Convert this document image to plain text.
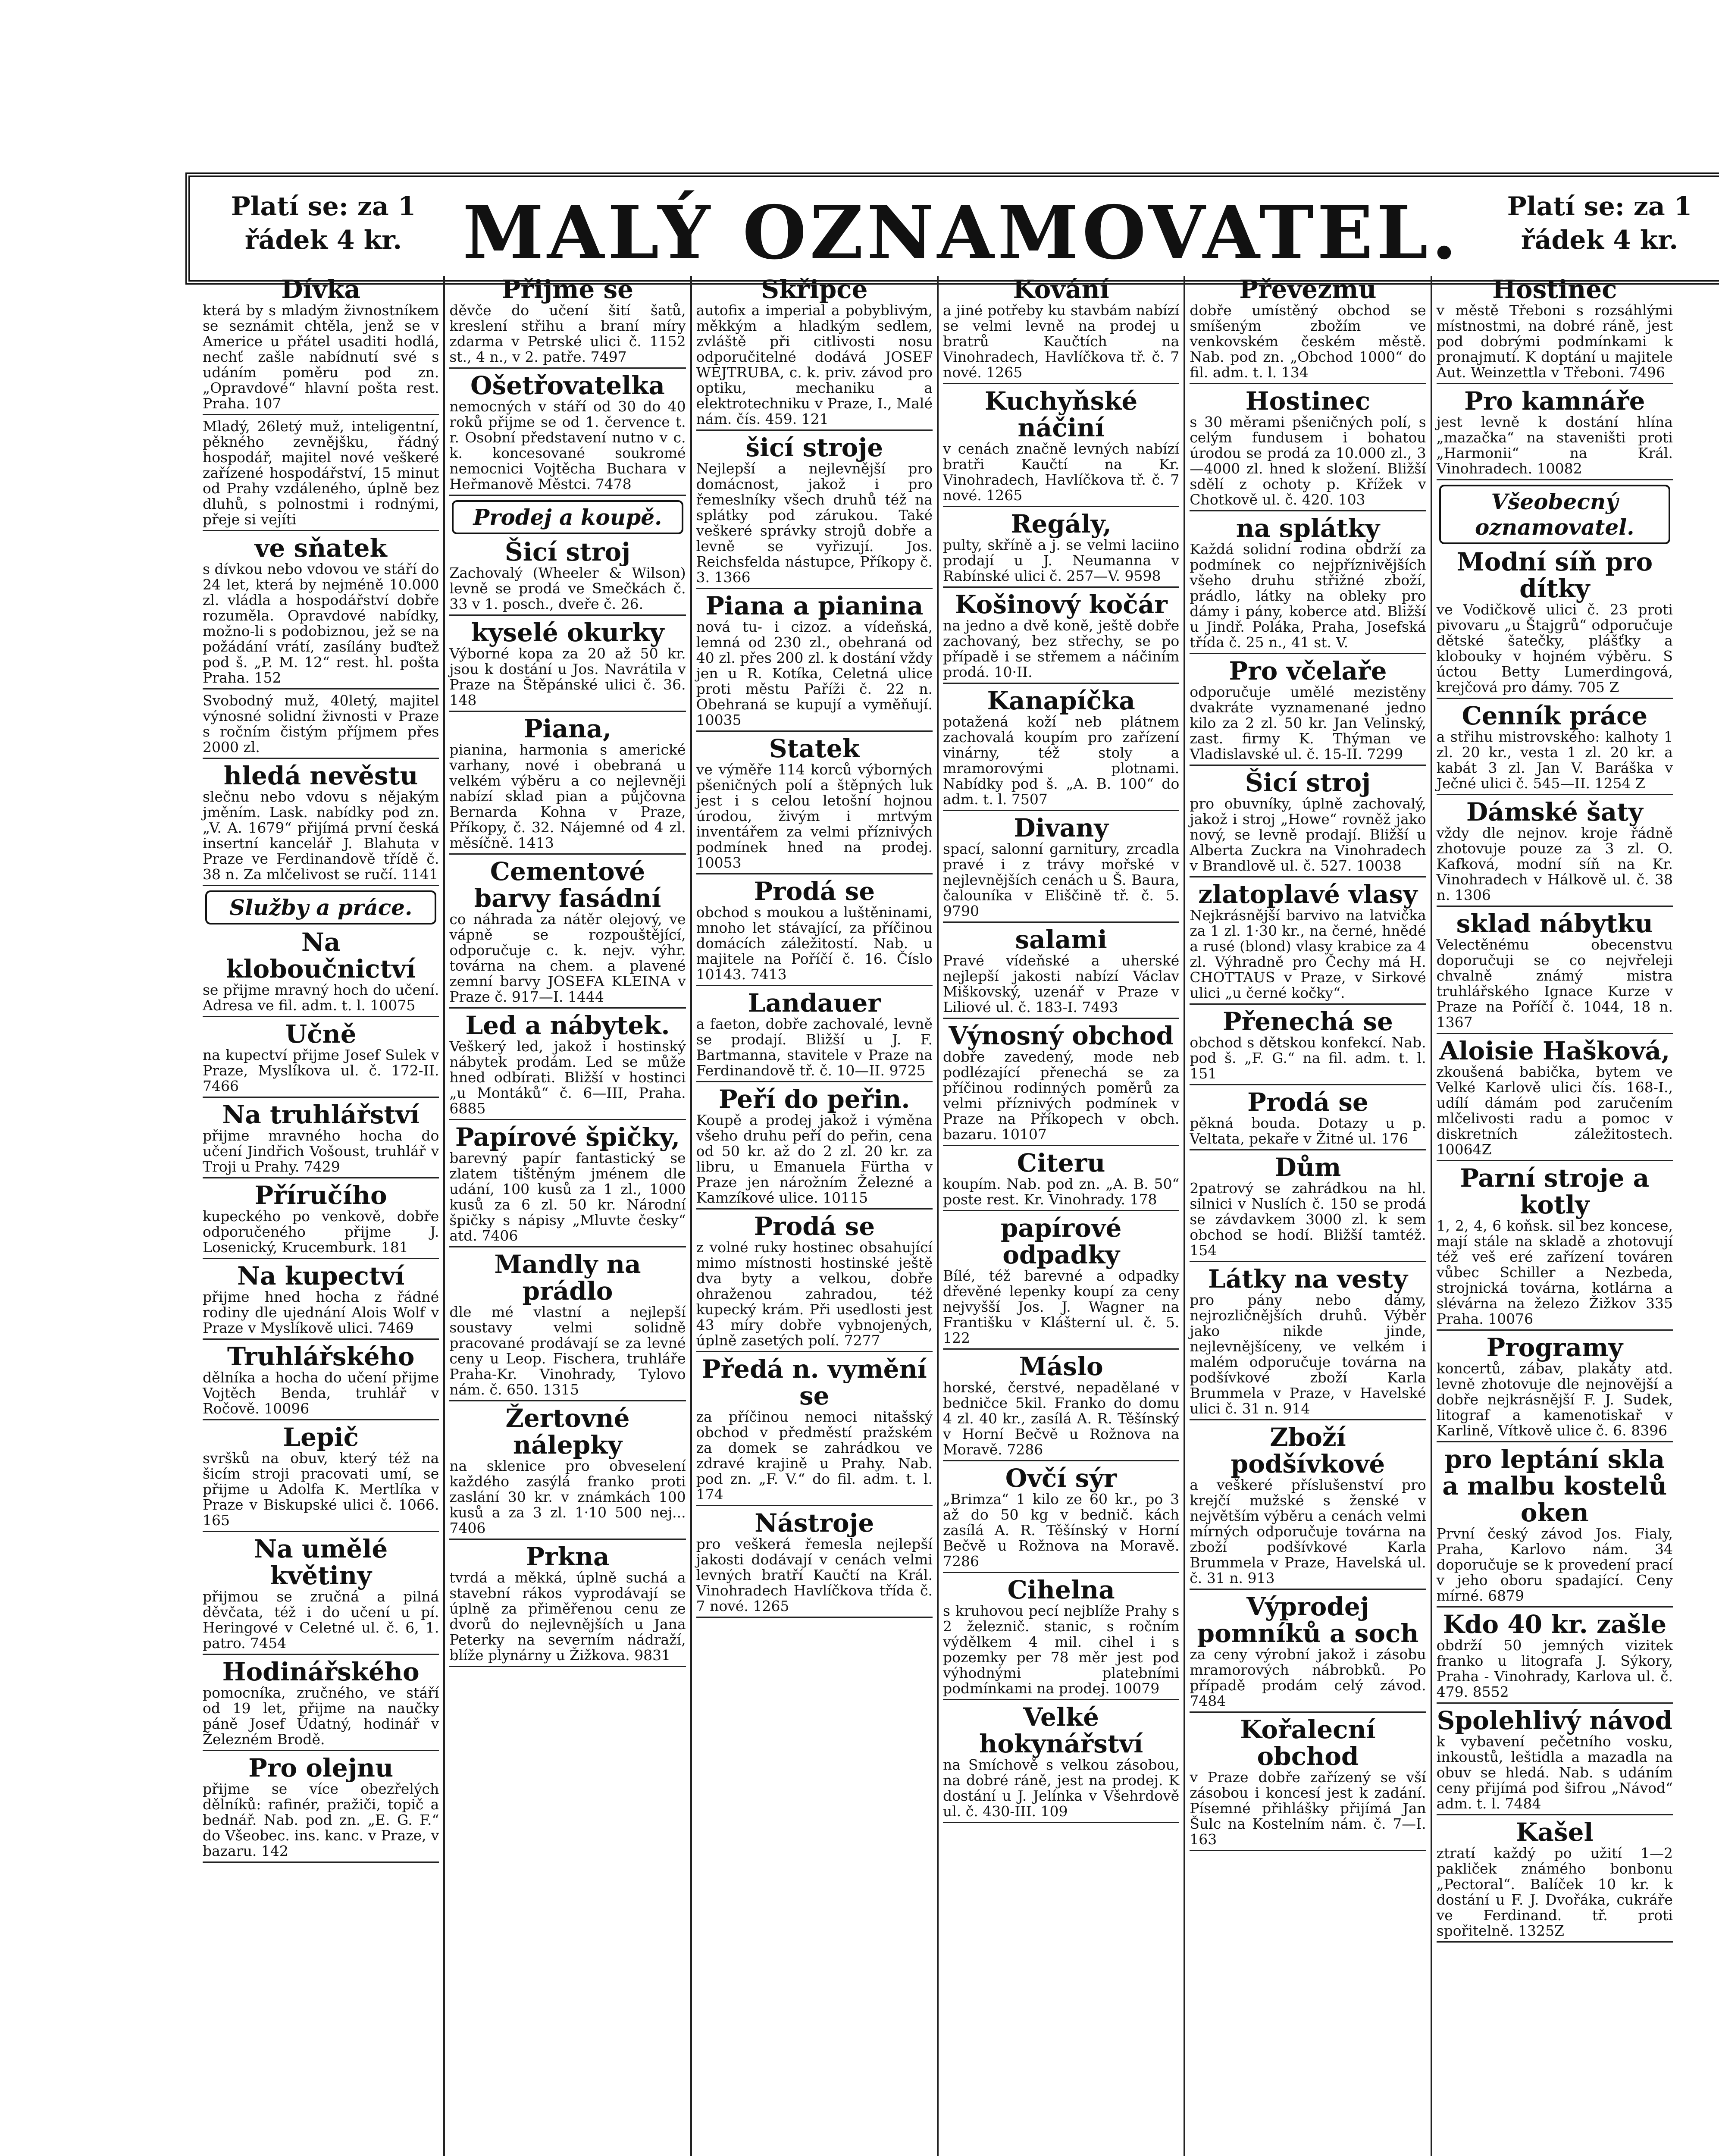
Platí se: za 1 řádek 4 kr. MALÝ OZNAMOVATEL.	Platí se: za 1 řádek 4 kr.
Dívka
která by s mladým živnostníkem se seznámit chtěla, jenž se v Americe u přátel usaditi hodlá, nechť zašle nabídnutí své s udáním poměru pod zn. „Opravdové“ hlavní pošta rest. Praha. 107
Mladý, 26letý muž, inteligentní, pěkného zevnějšku, řádný hospodář, majitel nové veškeré zařízené hospodářství, 15 minut od Prahy vzdáleného, úplně bez dluhů, s polnostmi i rodnými, přeje si vejíti
ve sňatek
s dívkou nebo vdovou ve stáří do 24 let, která by nejméně 10.000 zl. vládla a hospodářství dobře rozuměla. Opravdové nabídky, možno-li s podobiznou, jež se na požádání vrátí, zasílány buďtež pod š. „P. M. 12“ rest. hl. pošta Praha. 152
Svobodný muž, 40letý, majitel výnosné solidní živnosti v Praze s ročním čistým příjmem přes 2000 zl.
hledá nevěstu
slečnu nebo vdovu s nějakým jměním. Lask. nabídky pod zn. „V. A. 1679“ přijímá první česká insertní kancelář J. Blahuta v Praze ve Ferdinandově třídě č. 38 n. Za mlčelivost se ručí. 1141
Služby a práce.
Na kloboučnictví
se přijme mravný hoch do učení. Adresa ve fil. adm. t. l. 10075
Učně
na kupectví přijme Josef Sulek v Praze, Myslíkova ul. č. 172-II. 7466
Na truhlářství
přijme mravného hocha do učení Jindřich Vošoust, truhlář v Troji u Prahy. 7429
Příručího
kupeckého po venkově, dobře odporučeného přijme J. Losenický, Krucemburk. 181
Na kupectví
přijme hned hocha z řádné rodiny dle ujednání Alois Wolf v Praze v Myslíkově ulici. 7469
Truhlářského
dělníka a hocha do učení přijme Vojtěch Benda, truhlář v Ročově. 10096
Lepič
svršků na obuv, který též na šicím stroji pracovati umí, se přijme u Adolfa K. Mertlíka v Praze v Biskupské ulici č. 1066. 165
Na umělé květiny
přijmou se zručná a pilná děvčata, též i do učení u pí. Heringové v Celetné ul. č. 6, 1. patro. 7454
Hodinářského
pomocníka, zručného, ve stáří od 19 let, přijme na naučky páně Josef Údatný, hodinář v Železném Brodě.
Pro olejnu
přijme se více obezřelých dělníků: rafinér, pražiči, topič a bednář. Nab. pod zn. „E. G. F.“ do Všeobec. ins. kanc. v Praze, v bazaru. 142
Přijme se
děvče do učení šití šatů, kreslení střihu a braní míry zdarma v Petrské ulici č. 1152 st., 4 n., v 2. patře. 7497
Ošetřovatelka
nemocných v stáří od 30 do 40 roků přijme se od 1. července t. r. Osobní představení nutno v c. k. koncesované soukromé nemocnici Vojtěcha Buchara v Heřmanově Městci. 7478
Prodej a koupě.
Šicí stroj
Zachovalý (Wheeler & Wilson) levně se prodá ve Smečkách č. 33 v 1. posch., dveře č. 26.
kyselé okurky
Výborné kopa za 20 až 50 kr. jsou k dostání u Jos. Navrátila v Praze na Štěpánské ulici č. 36. 148
Piana,
pianina, harmonia s americké varhany, nové i obebraná u velkém výběru a co nejlevněji nabízí sklad pian a půjčovna Bernarda Kohna v Praze, Příkopy, č. 32. Nájemné od 4 zl. měsíčně. 1413
Cementové barvy fasádní
co náhrada za nátěr olejový, ve vápně se rozpouštějící, odporučuje c. k. nejv. výhr. továrna na chem. a plavené zemní barvy JOSEFA KLEINA v Praze č. 917—I. 1444
Led a nábytek.
Veškerý led, jakož i hostinský nábytek prodám. Led se může hned odbírati. Bližší v hostinci „u Montáků“ č. 6—III, Praha. 6885
Papírové špičky,
barevný papír fantastický se zlatem tištěným jménem dle udání, 100 kusů za 1 zl., 1000 kusů za 6 zl. 50 kr. Národní špičky s nápisy „Mluvte česky“ atd. 7406
Mandly na prádlo
dle mé vlastní a nejlepší soustavy velmi solidně pracované prodávají se za levné ceny u Leop. Fischera, truhláře Praha-Kr. Vinohrady, Tylovo nám. č. 650. 1315
Žertovné nálepky
na sklenice pro obveselení každého zasýlá franko proti zaslání 30 kr. v známkách 100 kusů a za 3 zl. 1·10 500 nej... 7406
Prkna
tvrdá a měkká, úplně suchá a stavební rákos vyprodávají se úplně za přiměřenou cenu ze dvorů do nejlevnějších u Jana Peterky na severním nádraží, blíže plynárny u Žižkova. 9831
Skřipce
autofix a imperial a pobyblivým, měkkým a hladkým sedlem, zvláště při citlivosti nosu odporučitelné dodává JOSEF WEJTRUBA, c. k. priv. závod pro optiku, mechaniku a elektrotechniku v Praze, I., Malé nám. čís. 459. 121
šicí stroje
Nejlepší a nejlevnější pro domácnost, jakož i pro řemeslníky všech druhů též na splátky pod zárukou. Také veškeré správky strojů dobře a levně se vyřizují. Jos. Reichsfelda nástupce, Příkopy č. 3. 1366
Piana a pianina
nová tu- i cizoz. a vídeňská, lemná od 230 zl., obehraná od 40 zl. přes 200 zl. k dostání vždy jen u R. Kotíka, Celetná ulice proti městu Paříži č. 22 n. Obehraná se kupují a vyměňují. 10035
Statek
ve výměře 114 korců výborných pšeničných polí a štěpných luk jest i s celou letošní hojnou úrodou, živým i mrtvým inventářem za velmi příznivých podmínek hned na prodej. 10053
Prodá se
obchod s moukou a luštěninami, mnoho let stávající, za příčinou domácích záležitostí. Nab. u majitele na Poříčí č. 16. Číslo 10143. 7413
Landauer
a faeton, dobře zachovalé, levně se prodají. Bližší u J. F. Bartmanna, stavitele v Praze na Ferdinandově tř. č. 10—II. 9725
Peří do peřin.
Koupě a prodej jakož i výměna všeho druhu peří do peřin, cena od 50 kr. až do 2 zl. 20 kr. za libru, u Emanuela Fürtha v Praze jen nárožním Železné a Kamzíkové ulice. 10115
Prodá se
z volné ruky hostinec obsahující mimo místnosti hostinské ještě dva byty a velkou, dobře ohraženou zahradou, též kupecký krám. Při usedlosti jest 43 míry dobře vybnojených, úplně zasetých polí. 7277
Předá n. vymění se
za příčinou nemoci nitašský obchod v předměstí pražském za domek se zahrádkou ve zdravé krajině u Prahy. Nab. pod zn. „F. V.“ do fil. adm. t. l. 174
Nástroje
pro veškerá řemesla nejlepší jakosti dodávají v cenách velmi levných bratří Kaučtí na Král. Vinohradech Havlíčkova třída č. 7 nové. 1265
Kování
a jiné potřeby ku stavbám nabízí se velmi levně na prodej u bratrů Kaučtích na Vinohradech, Havlíčkova tř. č. 7 nové. 1265
Kuchyňské náčiní
v cenách značně levných nabízí bratři Kaučtí na Kr. Vinohradech, Havlíčkova tř. č. 7 nové. 1265
Regály,
pulty, skříně a j. se velmi laciino prodají u J. Neumanna v Rabínské ulici č. 257—V. 9598
Košinový kočár
na jedno a dvě koně, ještě dobře zachovaný, bez střechy, se po případě i se střemem a náčiním prodá. 10·II.
Kanapíčka
potažená koží neb plátnem zachovalá koupím pro zařízení vinárny, též stoly a mramorovými plotnami. Nabídky pod š. „A. B. 100“ do adm. t. l. 7507
Divany
spací, salonní garnitury, zrcadla pravé i z trávy mořské v nejlevnějších cenách u Š. Baura, čalouníka v Eliščině tř. č. 5. 9790
salami
Pravé vídeňské a uherské nejlepší jakosti nabízí Václav Miškovský, uzenář v Praze v Liliové ul. č. 183-I. 7493
Výnosný obchod
dobře zavedený, mode neb podlézající přenechá se za příčinou rodinných poměrů za velmi příznivých podmínek v Praze na Příkopech v obch. bazaru. 10107
Citeru
koupím. Nab. pod zn. „A. B. 50“ poste rest. Kr. Vinohrady. 178
papírové odpadky
Bílé, též barevné a odpadky dřevěné lepenky koupí za ceny nejvyšší Jos. J. Wagner na Františku v Klášterní ul. č. 5. 122
Máslo
horské, čerstvé, nepadělané v bedničce 5kil. Franko do domu 4 zl. 40 kr., zasílá A. R. Těšínský v Horní Bečvě u Rožnova na Moravě. 7286
Ovčí sýr
„Brimza“ 1 kilo ze 60 kr., po 3 až do 50 kg v bednič. kách zasílá A. R. Těšínský v Horní Bečvě u Rožnova na Moravě. 7286
Cihelna
s kruhovou pecí nejblíže Prahy s 2 železnič. stanic, s ročním výdělkem 4 mil. cihel i s pozemky per 78 měr jest pod výhodnými platebními podmínkami na prodej. 10079
Velké hokynářství
na Smíchově s velkou zásobou, na dobré ráně, jest na prodej. K dostání u J. Jelínka v Všehrdově ul. č. 430-III. 109
Převezmu
dobře umístěný obchod se smíšeným zbožím ve venkovském českém městě. Nab. pod zn. „Obchod 1000“ do fil. adm. t. l. 134
Hostinec
s 30 měrami pšeničných polí, s celým fundusem i bohatou úrodou se prodá za 10.000 zl., 3—4000 zl. hned k složení. Bližší sdělí z ochoty p. Křížek v Chotkově ul. č. 420. 103
na splátky
Každá solidní rodina obdrží za podmínek co nejpříznivějších všeho druhu střižné zboží, prádlo, látky na obleky pro dámy i pány, koberce atd. Bližší u Jindř. Poláka, Praha, Josefská třída č. 25 n., 41 st. V.
Pro včelaře
odporučuje umělé mezistěny dvakráte vyznamenané jedno kilo za 2 zl. 50 kr. Jan Velinský, zast. firmy K. Thýman ve Vladislavské ul. č. 15-II. 7299
Šicí stroj
pro obuvníky, úplně zachovalý, jakož i stroj „Howe“ rovněž jako nový, se levně prodají. Bližší u Alberta Zuckra na Vinohradech v Brandlově ul. č. 527. 10038
zlatoplavé vlasy
Nejkrásnější barvivo na latvička za 1 zl. 1·30 kr., na černé, hnědé a rusé (blond) vlasy krabice za 4 zl. Výhradně pro Čechy má H. CHOTTAUS v Praze, v Sirkové ulici „u černé kočky“.
Přenechá se
obchod s dětskou konfekcí. Nab. pod š. „F. G.“ na fil. adm. t. l. 151
Prodá se
pěkná bouda. Dotazy u p. Veltata, pekaře v Žitné ul. 176
Dům
2patrový se zahrádkou na hl. silnici v Nuslích č. 150 se prodá se závdavkem 3000 zl. k sem obchod se hodí. Bližší tamtéž. 154
Látky na vesty
pro pány nebo dámy, nejrozličnějších druhů. Výběr jako nikde jinde, nejlevnějšíceny, ve velkém i malém odporučuje továrna na podšívkové zboží Karla Brummela v Praze, v Havelské ulici č. 31 n. 914
Zboží podšívkové
a veškeré příslušenství pro krejčí mužské s ženské v největším výběru a cenách velmi mírných odporučuje továrna na zboží podšívkové Karla Brummela v Praze, Havelská ul. č. 31 n. 913
Výprodej pomníků a soch
za ceny výrobní jakož i zásobu mramorových nábrobků. Po případě prodám celý závod. 7484
Kořalecní obchod
v Praze dobře zařízený se vší zásobou i koncesí jest k zadání. Písemné přihlášky přijímá Jan Šulc na Kostelním nám. č. 7—I. 163
Hostinec
v městě Třeboni s rozsáhlými místnostmi, na dobré ráně, jest pod dobrými podmínkami k pronajmutí. K doptání u majitele Aut. Weinzettla v Třeboni. 7496
Pro kamnáře
jest levně k dostání hlína „mazačka“ na staveništi proti „Harmonii“ na Král. Vinohradech. 10082
Všeobecný oznamovatel.
Modní síň pro dítky
ve Vodičkově ulici č. 23 proti pivovaru „u Štajgrů“ odporučuje dětské šatečky, plášťky a klobouky v hojném výběru. S úctou Betty Lumerdingová, krejčová pro dámy. 705 Z
Cenník práce
a střihu mistrovského: kalhoty 1 zl. 20 kr., vesta 1 zl. 20 kr. a kabát 3 zl. Jan V. Baráška v Ječné ulici č. 545—II. 1254 Z
Dámské šaty
vždy dle nejnov. kroje řádně zhotovuje pouze za 3 zl. O. Kafková, modní síň na Kr. Vinohradech v Hálkově ul. č. 38 n. 1306
sklad nábytku
Velectěnému obecenstvu doporučuji se co nejvřeleji chvalně známý mistra truhlářského Ignace Kurze v Praze na Poříčí č. 1044, 18 n. 1367
Aloisie Hašková,
zkoušená babička, bytem ve Velké Karlově ulici čís. 168-I., udílí dámám pod zaručením mlčelivosti radu a pomoc v diskretních záležitostech. 10064Z
Parní stroje a kotly
1, 2, 4, 6 koňsk. sil bez koncese, mají stále na skladě a zhotovují též veš eré zařízení továren vůbec Schiller a Nezbeda, strojnická továrna, kotlárna a slévárna na železo Žižkov 335 Praha. 10076
Programy
koncertů, zábav, plakáty atd. levně zhotovuje dle nejnovější a dobře nejkrásnější F. J. Sudek, litograf a kamenotiskař v Karlině, Vítkově ulice č. 6. 8396
pro leptání skla a malbu kostelů oken
První český závod Jos. Fialy, Praha, Karlovo nám. 34 doporučuje se k provedení prací v jeho oboru spadající. Ceny mírné. 6879
Kdo 40 kr. zašle
obdrží 50 jemných vizitek franko u litografa J. Sýkory, Praha - Vinohrady, Karlova ul. č. 479. 8552
Spolehlivý návod
k vybavení pečetního vosku, inkoustů, leštidla a mazadla na obuv se hledá. Nab. s udáním ceny přijímá pod šifrou „Návod“ adm. t. l. 7484
Kašel
ztratí každý po užití 1—2 pakliček známého bonbonu „Pectoral“. Balíček 10 kr. k dostání u F. J. Dvořáka, cukráře ve Ferdinand. tř. proti spořitelně. 1325Z
